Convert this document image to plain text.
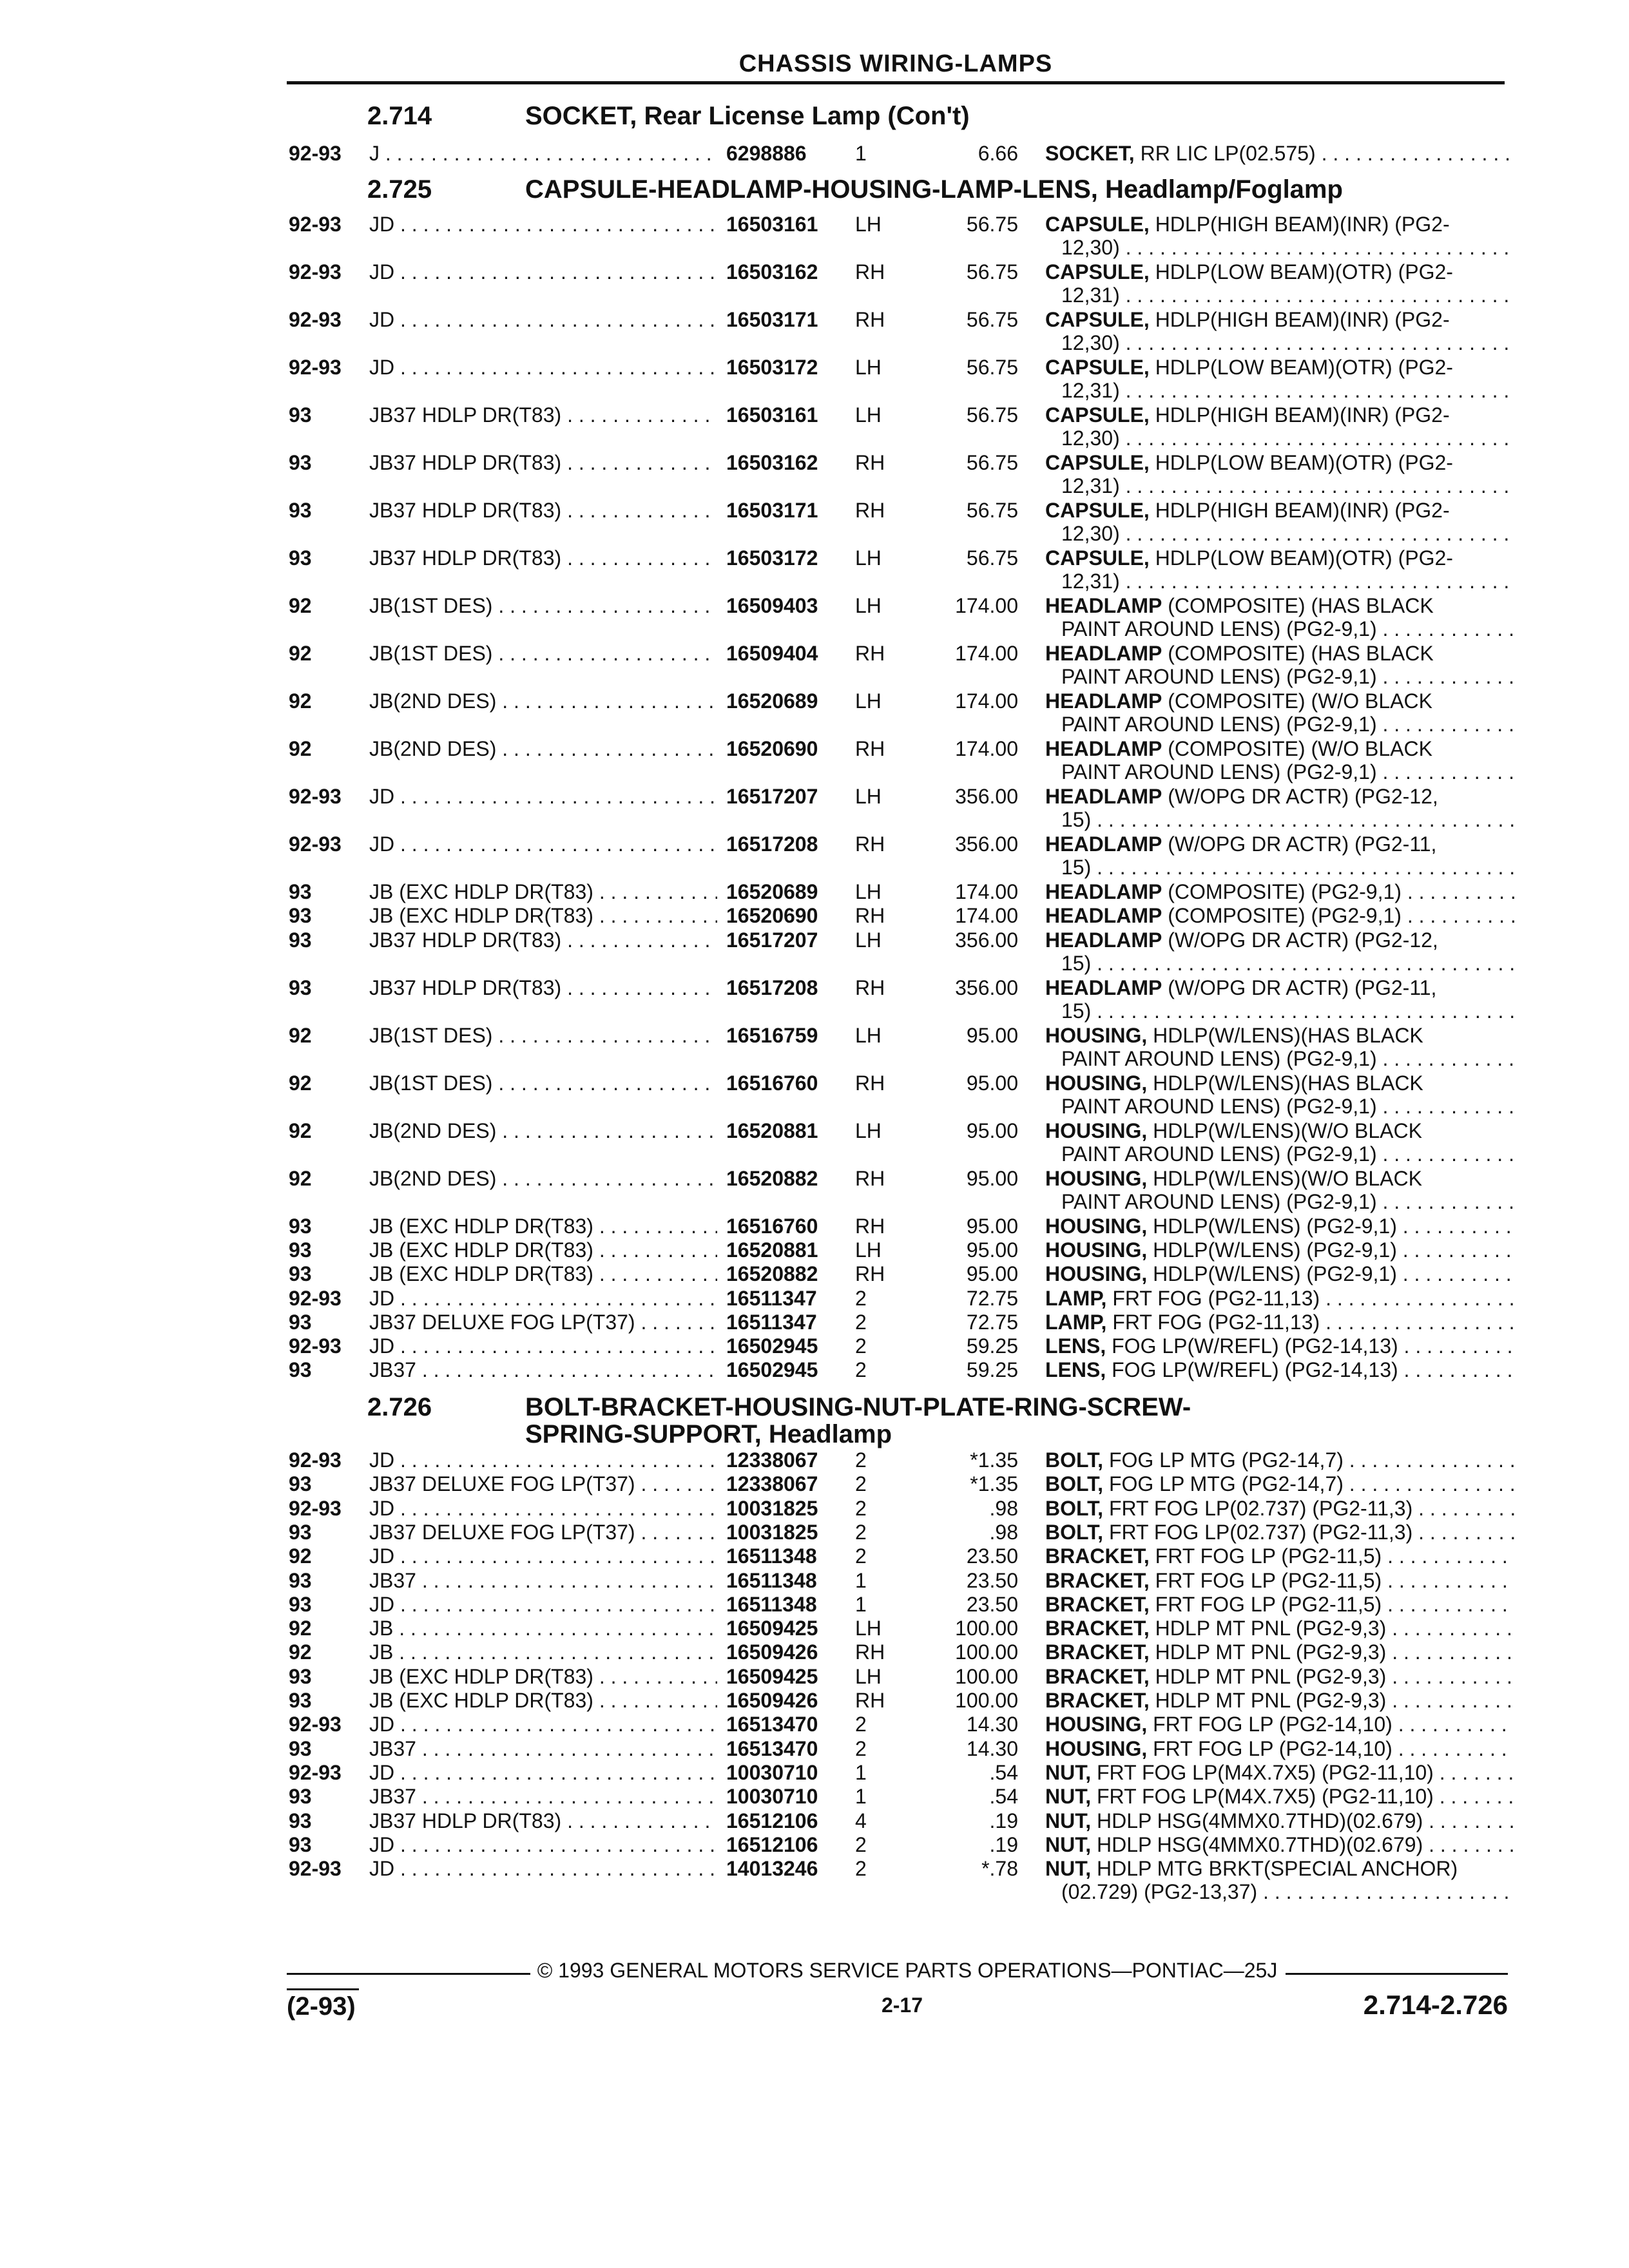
CHASSIS WIRING-LAMPS
2.714	SOCKET, Rear License Lamp (Con't)
92-93 J . . .	6298886 1	6.66 SOCKET, RR LIC LP(02.575) . . .
2.725	CAPSULE-HEADLAMP-HOUSING-LAMP-LENS, Headlamp/Foglamp
92-93 JD . . .	16503161 LH	56.75 CAPSULE, HDLP(HIGH BEAM)(INR) (PG2-
12,30) . . .
92-93 JD . . .	16503162 RH	56.75 CAPSULE, HDLP(LOW BEAM)(OTR) (PG2-
12,31) . . .
92-93 JD . . .	16503171 RH	56.75 CAPSULE, HDLP(HIGH BEAM)(INR) (PG2-
12,30) . . .
92-93 JD . . .	16503172 LH	56.75 CAPSULE, HDLP(LOW BEAM)(OTR) (PG2-
12,31) . . .
93	JB37 HDLP DR(T83) . . .	16503161 LH	56.75 CAPSULE, HDLP(HIGH BEAM)(INR) (PG2-
12,30) . . .
93	JB37 HDLP DR(T83) . . .	16503162 RH	56.75 CAPSULE, HDLP(LOW BEAM)(OTR) (PG2-
12,31) . . .
93	JB37 HDLP DR(T83) . . .	16503171 RH	56.75 CAPSULE, HDLP(HIGH BEAM)(INR) (PG2-
12,30) . . .
93	JB37 HDLP DR(T83) . . .	16503172 LH	56.75 CAPSULE, HDLP(LOW BEAM)(OTR) (PG2-
12,31) . . .
92	JB(1ST DES) . . .	16509403 LH	174.00 HEADLAMP (COMPOSITE) (HAS BLACK
PAINT AROUND LENS) (PG2-9,1) . . .
92	JB(1ST DES) . . .	16509404 RH	174.00 HEADLAMP (COMPOSITE) (HAS BLACK
PAINT AROUND LENS) (PG2-9,1) . . .
92	JB(2ND DES) . . .	16520689 LH	174.00 HEADLAMP (COMPOSITE) (W/O BLACK
PAINT AROUND LENS) (PG2-9,1) . . .
92	JB(2ND DES) . . .	16520690 RH	174.00 HEADLAMP (COMPOSITE) (W/O BLACK
PAINT AROUND LENS) (PG2-9,1) . . .
92-93 JD . . .	16517207 LH	356.00 HEADLAMP (W/OPG DR ACTR) (PG2-12,
15) . . .
92-93 JD . . .	16517208 RH	356.00 HEADLAMP (W/OPG DR ACTR) (PG2-11,
15) . . .
93	JB (EXC HDLP DR(T83) . . .	16520689 LH	174.00 HEADLAMP (COMPOSITE) (PG2-9,1) . . .
93	JB (EXC HDLP DR(T83) . . .	16520690 RH	174.00 HEADLAMP (COMPOSITE) (PG2-9,1) . . .
93	JB37 HDLP DR(T83) . . .	16517207 LH	356.00 HEADLAMP (W/OPG DR ACTR) (PG2-12,
15) . . .
93	JB37 HDLP DR(T83) . . .	16517208 RH	356.00 HEADLAMP (W/OPG DR ACTR) (PG2-11,
15) . . .
92	JB(1ST DES) . . .	16516759 LH	95.00 HOUSING, HDLP(W/LENS)(HAS BLACK
PAINT AROUND LENS) (PG2-9,1) . . .
92	JB(1ST DES) . . .	16516760 RH	95.00 HOUSING, HDLP(W/LENS)(HAS BLACK
PAINT AROUND LENS) (PG2-9,1) . . .
92	JB(2ND DES) . . .	16520881 LH	95.00 HOUSING, HDLP(W/LENS)(W/O BLACK
PAINT AROUND LENS) (PG2-9,1) . . .
92	JB(2ND DES) . . .	16520882 RH	95.00 HOUSING, HDLP(W/LENS)(W/O BLACK
PAINT AROUND LENS) (PG2-9,1) . . .
93	JB (EXC HDLP DR(T83) . . .	16516760 RH	95.00 HOUSING, HDLP(W/LENS) (PG2-9,1) . . .
93	JB (EXC HDLP DR(T83) . . .	16520881 LH	95.00 HOUSING, HDLP(W/LENS) (PG2-9,1) . . .
93	JB (EXC HDLP DR(T83) . . .	16520882 RH	95.00 HOUSING, HDLP(W/LENS) (PG2-9,1) . . .
92-93 JD . . .	16511347 2	72.75 LAMP, FRT FOG (PG2-11,13) . . .
93	JB37 DELUXE FOG LP(T37) . . .	16511347 2	72.75 LAMP, FRT FOG (PG2-11,13) . . .
92-93 JD . . .	16502945 2	59.25 LENS, FOG LP(W/REFL) (PG2-14,13) . . .
93	JB37 . . .	16502945 2	59.25 LENS, FOG LP(W/REFL) (PG2-14,13) . . .
2.726	BOLT-BRACKET-HOUSING-NUT-PLATE-RING-SCREW-
SPRING-SUPPORT, Headlamp
92-93 JD . . .	12338067 2	*1.35 BOLT, FOG LP MTG (PG2-14,7) . . .
93	JB37 DELUXE FOG LP(T37) . . .	12338067 2	*1.35 BOLT, FOG LP MTG (PG2-14,7) . . .
92-93 JD . . .	10031825 2	.98 BOLT, FRT FOG LP(02.737) (PG2-11,3) . . .
93	JB37 DELUXE FOG LP(T37) . . .	10031825 2	.98 BOLT, FRT FOG LP(02.737) (PG2-11,3) . . .
92	JD . . .	16511348 2	23.50 BRACKET, FRT FOG LP (PG2-11,5) . . .
93	JB37 . . .	16511348 1	23.50 BRACKET, FRT FOG LP (PG2-11,5) . . .
93	JD . . .	16511348 1	23.50 BRACKET, FRT FOG LP (PG2-11,5) . . .
92	JB . . .	16509425 LH	100.00 BRACKET, HDLP MT PNL (PG2-9,3) . . .
92	JB . . .	16509426 RH	100.00 BRACKET, HDLP MT PNL (PG2-9,3) . . .
93	JB (EXC HDLP DR(T83) . . .	16509425 LH	100.00 BRACKET, HDLP MT PNL (PG2-9,3) . . .
93	JB (EXC HDLP DR(T83) . . .	16509426 RH	100.00 BRACKET, HDLP MT PNL (PG2-9,3) . . .
92-93 JD . . .	16513470 2	14.30 HOUSING, FRT FOG LP (PG2-14,10) . . .
93	JB37 . . .	16513470 2	14.30 HOUSING, FRT FOG LP (PG2-14,10) . . .
92-93 JD . . .	10030710 1	.54 NUT, FRT FOG LP(M4X.7X5) (PG2-11,10) . . .
93	JB37 . . .	10030710 1	.54 NUT, FRT FOG LP(M4X.7X5) (PG2-11,10) . . .
93	JB37 HDLP DR(T83) . . .	16512106 4	.19 NUT, HDLP HSG(4MMX0.7THD)(02.679) . . .
93	JD . . .	16512106 2	.19 NUT, HDLP HSG(4MMX0.7THD)(02.679) . . .
92-93 JD . . .	14013246 2	*.78 NUT, HDLP MTG BRKT(SPECIAL ANCHOR)
(02.729) (PG2-13,37) . . .
© 1993 GENERAL MOTORS SERVICE PARTS OPERATIONS—PONTIAC—25J
(2-93)	2-17	2.714-2.726
